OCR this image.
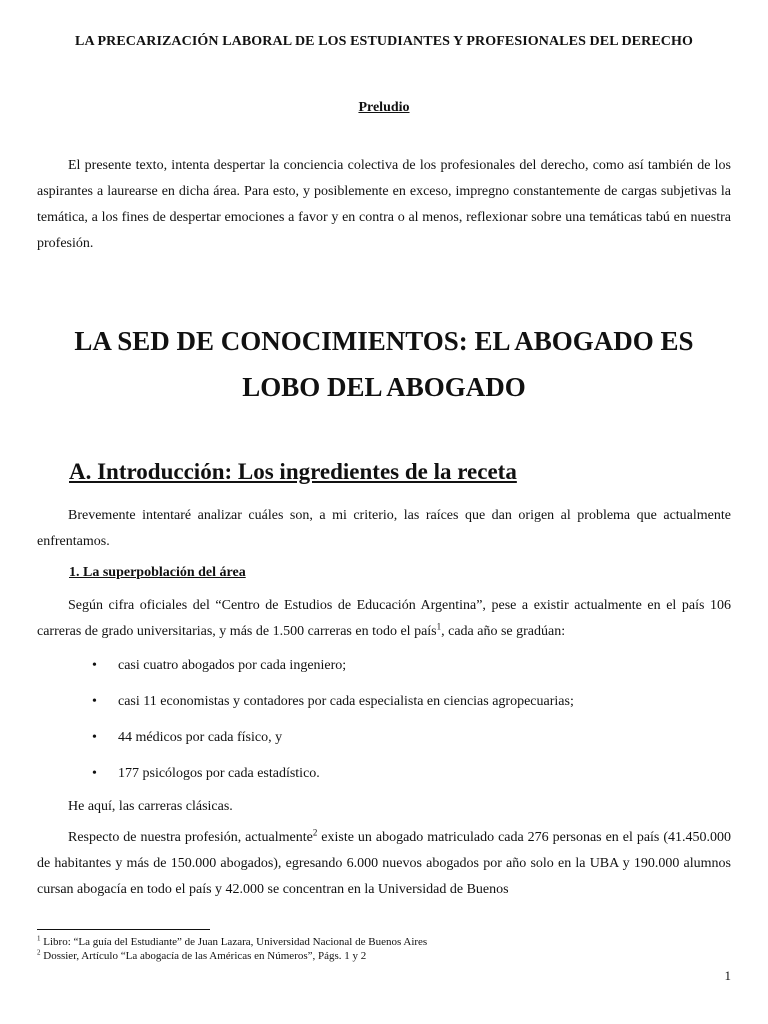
LA PRECARIZACIÓN LABORAL DE LOS ESTUDIANTES Y PROFESIONALES DEL DERECHO
Preludio

El presente texto, intenta despertar la conciencia colectiva de los profesionales del derecho, como así también de los aspirantes a laurearse en dicha área. Para esto, y posiblemente en exceso, impregno constantemente de cargas subjetivas la temática, a los fines de despertar emociones a favor y en contra o al menos, reflexionar sobre una temáticas tabú en nuestra profesión.

LA SED DE CONOCIMIENTOS: EL ABOGADO ES
LOBO DEL ABOGADO
A. Introducción: Los ingredientes de la receta

Brevemente intentaré analizar cuáles son, a mi criterio, las raíces que dan origen al problema que actualmente enfrentamos.

1. La superpoblación del área

Según cifra oficiales del “Centro de Estudios de Educación Argentina”, pese a existir actualmente en el país 106 carreras de grado universitarias, y más de 1.500 carreras en todo el país$^1$, cada año se gradúan:

• casi cuatro abogados por cada ingeniero;
• casi 11 economistas y contadores por cada especialista en ciencias agropecuarias;
• 44 médicos por cada físico, y
• 177 psicólogos por cada estadístico.

He aquí, las carreras clásicas.

Respecto de nuestra profesión, actualmente$^2$ existe un abogado matriculado cada 276 personas en el país (41.450.000 de habitantes y más de 150.000 abogados), egresando 6.000 nuevos abogados por año solo en la UBA y 190.000 alumnos cursan abogacía en todo el país y 42.000 se concentran en la Universidad de Buenos

$^1$ Libro: “La guía del Estudiante” de Juan Lazara, Universidad Nacional de Buenos Aires
$^2$ Dossier, Artículo “La abogacía de las Américas en Números”, Págs. 1 y 2
1
